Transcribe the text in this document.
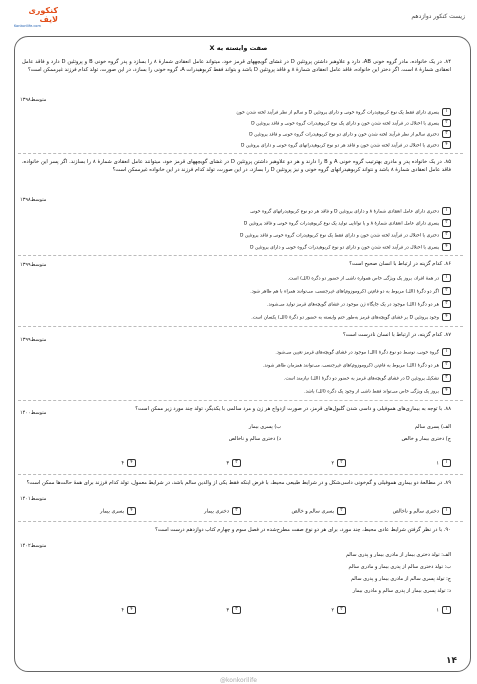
زیست کنکور دوازدهم
کنکوری لایف
Konkorilife.com
صفت وابسته به X
۸۴. در یک خانواده، مادر گروه خونی AB، دارد و علاوهبر داشتن پروتئین D در غشای گویچههای قرمز خود، میتواند عامل انعقادی شمارهٔ ۸ را بسازد و پدر گروه خونی B و پروتئین D دارد و فاقد عامل انعقادی شمارهٔ ۸ است. اگر دختر این خانواده، فاقد عامل انعقادی شمارهٔ ۸ و فاقد پروتئین D باشد و بتواند فقط کربوهیدرات A، گروه خونی را بسازد، در این صورت، تولد کدام فرزند غیرممکن است؟
متوسط۱۳۹۸
۱پسری دارای فقط یک نوع کربوهیدرات گروه خونی و دارای پروتئین D و سالم از نظر فرآیند لخته شدن خون
۲پسری با اختلال در فرآیند لخته شدن خون و دارای یک نوع کربوهیدرات گروه خونی و فاقد پروتئین D
۳دختری سالم از نظر فرآیند لخته شدن خون و دارای دو نوع کربوهیدرات گروه خونی و فاقد پروتئین D
۴دختری با اختلال در فرآیند لخته شدن خون و فاقد هر دو نوع کربوهیدراتهای گروه خونی و دارای پروتئین D
۸۵. در یک خانواده پدر و مادری بهترتیب گروه خونی A و B را دارند و هر دو علاوهبر داشتن پروتئین D در غشای گویچههای قرمز خود، میتوانند عامل انعقادی شمارهٔ ۸ را بسازند. اگر پسر این خانواده، فاقد عامل انعقادی شمارهٔ ۸ باشد و نتواند کربوهیدراتهای گروه خونی و نیز پروتئین D را بسازد، در این صورت، تولد کدام فرزند در این خانواده غیرممکن است؟
متوسط۱۳۹۸
۱دختری دارای عامل انعقادی شمارهٔ ۸ و دارای پروتئین D و فاقد هر دو نوع کربوهیدراتهای گروه خونی
۲پسری دارای عامل انعقادی شمارهٔ ۸ و با توانایی تولید یک نوع کربوهیدرات گروه خونی و فاقد پروتئین D
۳دختری با اختلال در فرآیند لخته شدن خون و دارای فقط یک نوع کربوهیدرات گروه خونی و فاقد پروتئین D
۴پسری با اختلال در فرآیند لخته شدن خون و دارای دو نوع کربوهیدرات گروه خونی و دارای پروتئین D
۸۶. کدام گزینه در ارتباط با انسان صحیح است؟
متوسط۱۳۹۹
۱در همهٔ افراد، بروز یک ویژگی خاص همواره ناشی از حضور دو دگره (الل) است.
۲اگر دو دگرهٔ (الل) مربوط به دو فام‌تن (کروموزوم)های غیرجنسی، می‌توانند همراه با هم ظاهر شود.
۳هر دو دگرهٔ (الل) موجود در یک جایگاه ژن موجود در غشای گویچه‌های قرمز تولید می‌شوند.
۴وجود پروتئین D بر غشای گویچه‌های قرمز به‌طور حتم وابسته به حضور دو دگرهٔ (الل) یکسان است.
۸۷. کدام گزینه، در ارتباط با انسان نادرست است؟
متوسط۱۳۹۹
۱گروه خونی، توسط دو نوع دگرهٔ (الل) موجود در غشای گویچه‌های قرمز تعیین می‌شود.
۲هر دو دگرهٔ (الل) مربوط به فام‌تن (کروموزوم)های غیرجنسی، می‌توانند همزمان ظاهر شوند.
۳تشکیل پروتئین D در غشای گویچه‌های قرمز به حضور دو دگرهٔ (الل) نیازمند است.
۴بروز یک ویژگی خاص می‌تواند فقط ناشی از وجود یک دگره (الل) باشد.
۸۸. با توجه به بیماری‌های هموفیلی و داسی شدن گلبول‌های قرمز، در صورت ازدواج هر زن و مرد سالمی با یکدیگر، تولد چند مورد زیر ممکن است؟
متوسط۱۴۰۰
الف) پسری سالم
ب) پسری بیمار
ج) دختری بیمار و خالص
د) دختری سالم و ناخالص
۱۱
۲۲
۳۳
۴۴
۸۹. در مطالعهٔ دو بیماری هموفیلی و گم‌خونی داسی‌شکل و در شرایط طبیعی محیط، با فرض اینکه فقط یکی از والدین سالم باشد، در شرایط معمول، تولد کدام فرزند برای همهٔ حالت‌ها ممکن است؟
متوسط۱۴۰۱
۱دختری سالم و ناخالص
۲پسری سالم و خالص
۳دختری بیمار
۴پسری بیمار
۹۰. با در نظر گرفتن شرایط عادی محیط، چند مورد، برای هر دو نوع صفت مطرح‌شده در فصل سوم و چهارم کتاب دوازدهم درست است؟
متوسط۱۴۰۲
الف: تولد دختری بیمار از مادری بیمار و پدری سالم
ب: تولد دختری سالم از پدری بیمار و مادری سالم
ج: تولد پسری سالم از مادری بیمار و پدری سالم
د: تولد پسری بیمار از پدری سالم و مادری بیمار
۱۱
۲۲
۳۳
۴۴
۱۴
@konkorilife
